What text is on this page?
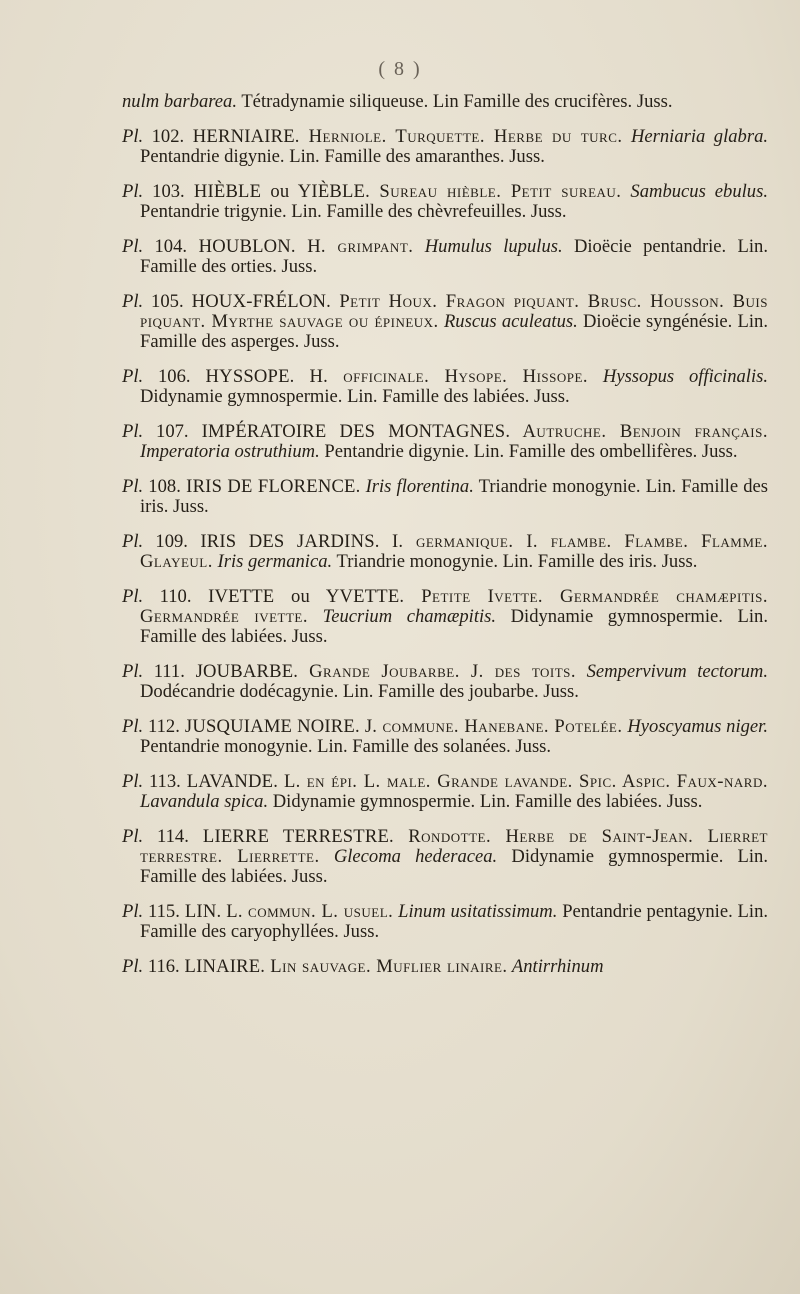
( 8 )

nulm barbarea. Tétradynamie siliqueuse. Lin Famille des crucifères. Juss.

Pl. 102. HERNIAIRE. Herniole. Turquette. Herbe du turc. Herniaria glabra. Pentandrie digynie. Lin. Famille des amaranthes. Juss.

Pl. 103. HIÈBLE ou YIÈBLE. Sureau hièble. Petit sureau. Sambucus ebulus. Pentandrie trigynie. Lin. Famille des chèvrefeuilles. Juss.

Pl. 104. HOUBLON. H. grimpant. Humulus lupulus. Dioëcie pentandrie. Lin. Famille des orties. Juss.

Pl. 105. HOUX-FRÉLON. Petit Houx. Fragon piquant. Brusc. Housson. Buis piquant. Myrthe sauvage ou épineux. Ruscus aculeatus. Dioëcie syngénésie. Lin. Famille des asperges. Juss.

Pl. 106. HYSSOPE. H. officinale. Hysope. Hissope. Hyssopus officinalis. Didynamie gymnospermie. Lin. Famille des labiées. Juss.

Pl. 107. IMPÉRATOIRE DES MONTAGNES. Autruche. Benjoin français. Imperatoria ostruthium. Pentandrie digynie. Lin. Famille des ombellifères. Juss.

Pl. 108. IRIS DE FLORENCE. Iris florentina. Triandrie monogynie. Lin. Famille des iris. Juss.

Pl. 109. IRIS DES JARDINS. I. germanique. I. flambe. Flambe. Flamme. Glayeul. Iris germanica. Triandrie monogynie. Lin. Famille des iris. Juss.

Pl. 110. IVETTE ou YVETTE. Petite Ivette. Germandrée chamæpitis. Germandrée ivette. Teucrium chamæpitis. Didynamie gymnospermie. Lin. Famille des labiées. Juss.

Pl. 111. JOUBARBE. Grande Joubarbe. J. des toits. Sempervivum tectorum. Dodécandrie dodécagynie. Lin. Famille des joubarbe. Juss.

Pl. 112. JUSQUIAME NOIRE. J. commune. Hanebane. Potelée. Hyoscyamus niger. Pentandrie monogynie. Lin. Famille des solanées. Juss.

Pl. 113. LAVANDE. L. en épi. L. male. Grande lavande. Spic. Aspic. Faux-nard. Lavandula spica. Didynamie gymnospermie. Lin. Famille des labiées. Juss.

Pl. 114. LIERRE TERRESTRE. Rondotte. Herbe de Saint-Jean. Lierret terrestre. Lierrette. Glecoma hederacea. Didynamie gymnospermie. Lin. Famille des labiées. Juss.

Pl. 115. LIN. L. commun. L. usuel. Linum usitatissimum. Pentandrie pentagynie. Lin. Famille des caryophyllées. Juss.

Pl. 116. LINAIRE. Lin sauvage. Muflier linaire. Antirrhinum
